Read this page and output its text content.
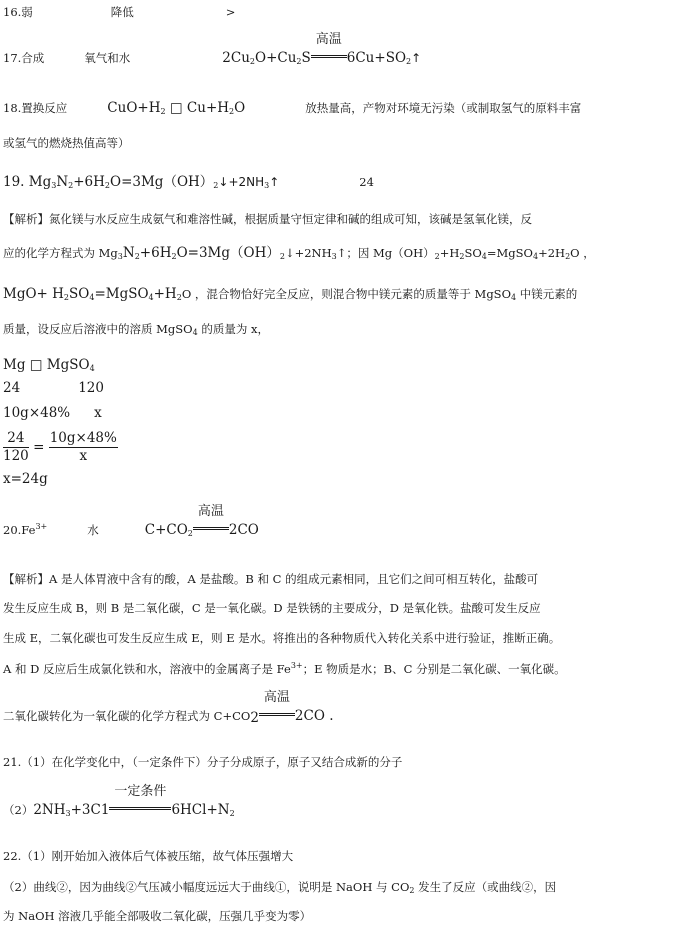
16.弱	降低	>
17.合成	氧气和水	$2Cu_2O+Cu_2S$
高温
$6Cu+SO_2↑$
18.置换反应	$CuO+H_2$ □ $Cu+H_2O$	放热量高，产物对环境无污染（或制取氢气的原料丰富
或氢气的燃烧热值高等）
19. $Mg_3N_2+6H_2O=3Mg(OH)_2↓+2NH_3↑$	24
【解析】氮化镁与水反应生成氨气和难溶性碱，根据质量守恒定律和碱的组成可知，该碱是氢氧化镁，反
应的化学方程式为 $Mg_3N_2+6H_2O=3Mg(OH)_2↓+2NH_3↑$；因 $Mg(OH)_2+H_2SO_4=MgSO_4+2H_2O$ ，
$MgO+ H_2SO_4=MgSO_4+H_2O$ ，混合物恰好完全反应，则混合物中镁元素的质量等于 MgSO$_4$ 中镁元素的
质量，设反应后溶液中的溶质 MgSO$_4$ 的质量为 x，
Mg □ MgSO$_4$
24	120
10g×48% x
$\frac{24}{120} = \frac{10g\times 48\%}{x}$
x=24g
$20.Fe^{3+}$	水	$C+CO_2$
高温
2CO
【解析】A 是人体胃液中含有的酸，A 是盐酸。B 和 C 的组成元素相同，且它们之间可相互转化，盐酸可
发生反应生成 B，则 B 是二氧化碳，C 是一氧化碳。D 是铁锈的主要成分，D 是氧化铁。盐酸可发生反应
生成 E，二氧化碳也可发生反应生成 E，则 E 是水。将推出的各种物质代入转化关系中进行验证，推断正确。
A 和 D 反应后生成氯化铁和水，溶液中的金属离子是 $Fe^{3+}$；E 物质是水；B、C 分别是二氧化碳、一氧化碳。
二氧化碳转化为一氧化碳的化学方程式为 $C+CO_2$
高温
2CO .
21.（1）在化学变化中，（一定条件下）分子分成原子，原子又结合成新的分子
$(2)2NH_3+3C1$
一定条件
$6HCl+N_2$
22.（1）刚开始加入液体后气体被压缩，故气体压强增大
（2）曲线②，因为曲线②气压减小幅度远远大于曲线①，说明是 NaOH 与 $CO_2$ 发生了反应（或曲线②，因
为 NaOH 溶液几乎能全部吸收二氧化碳，压强几乎变为零）
